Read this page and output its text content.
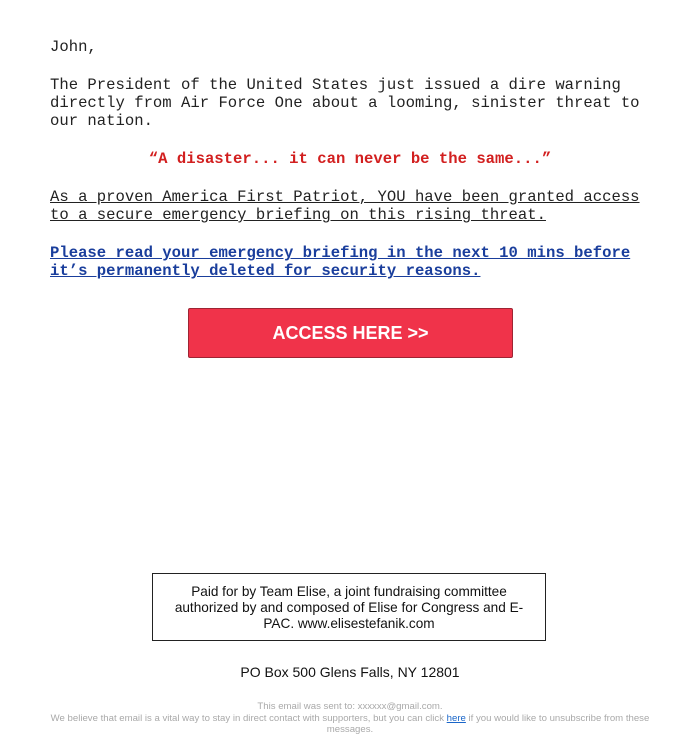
John,

The President of the United States just issued a dire warning directly from Air Force One about a looming, sinister threat to our nation.

“A disaster... it can never be the same...”

As a proven America First Patriot, YOU have been granted access to a secure emergency briefing on this rising threat.

Please read your emergency briefing in the next 10 mins before it’s permanently deleted for security reasons.

ACCESS HERE >>
Paid for by Team Elise, a joint fundraising committee authorized by and composed of Elise for Congress and E-PAC. www.elisestefanik.com
PO Box 500 Glens Falls, NY 12801
This email was sent to: xxxxxx@gmail.com.
We believe that email is a vital way to stay in direct contact with supporters, but you can click here if you would like to unsubscribe from these messages.
